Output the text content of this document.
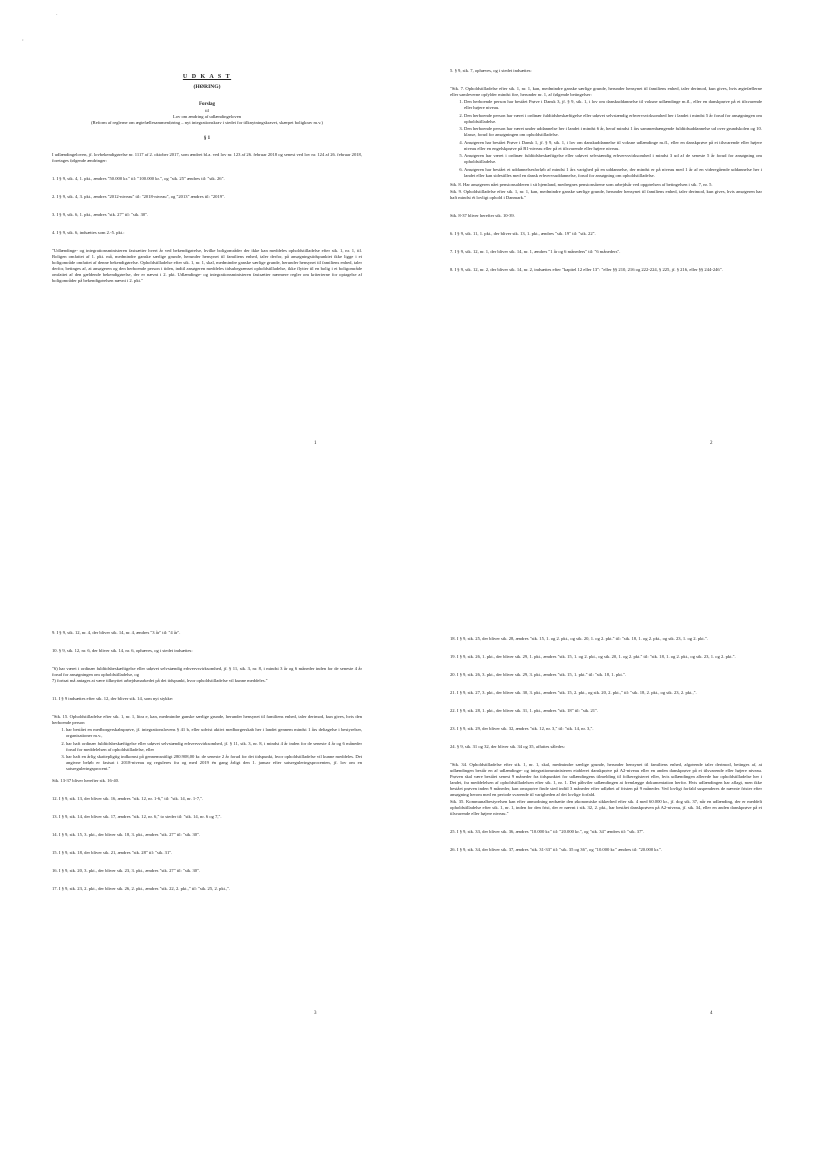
·
’
U D K A S T
(HØRING)
Forslag
til
Lov om ændring af udlændingeloven
(Reform af reglerne om ægtefællesammenføring – nyt integrationskrav i stedet for tilknytningskravet, skærpet boligkrav m.v.)
§ 1

I udlændingeloven, jf. lovbekendtgørelse nr. 1117 af 2. oktober 2017, som ændret bl.a. ved lov nr. 123 af 26. februar 2018 og senest ved lov nr. 124 af 26. februar 2018, foretages følgende ændringer:

1. I § 9, stk. 4, 1. pkt., ændres "50.000 kr." til: "100.000 kr.", og "stk. 25" ændres til: "stk. 26".

2. I § 9, stk. 4, 3. pkt., ændres "2012-niveau" til: "2018-niveau", og "2013" ændres til: "2019".

3. I § 9, stk. 6, 1. pkt., ændres "stk. 27" til: "stk. 30".

4. I § 9, stk. 6, indsættes som 2.-5. pkt.:

"Udlændinge- og integrationsministeren fastsætter hvert år ved bekendtgørelse, hvilke boligområder der ikke kan meddeles opholdstilladelse efter stk. 1, nr. 1, til. Boligen omfattet af 1. pkt. må, medmindre ganske særlige grunde, herunder hensynet til familiens enhed, taler derfor, på ansøgningstidspunktet ikke ligge i et boligområde omfattet af denne bekendtgørelse. Opholdstilladelse efter stk. 1, nr. 1, skal, medmindre ganske særlige grunde, herunder hensynet til familiens enhed, taler derfor, betinges af, at ansøgeren og den herboende person i tiden, indtil ansøgeren meddeles tidsubegrænset opholdstilladelse, ikke flytter til en bolig i et boligområde omfattet af den gældende bekendtgørelse, der er nævnt i 2. pkt. Udlændinge- og integrationsministeren fastsætter nærmere regler om kriterierne for optagelse af boligområder på bekendtgørelsen nævnt i 2. pkt."

1

5. § 9, stk. 7, ophæves, og i stedet indsættes:

"Stk. 7. Opholdstilladelse efter stk. 1, nr. 1, kan, medmindre ganske særlige grunde, herunder hensynet til familiens enhed, taler derimod, kun gives, hvis ægtefællerne eller samleverne opfylder mindst fire, herunder nr. 1, af følgende betingelser:

1. Den herboende person har bestået Prøve i Dansk 3, jf. § 9, stk. 1, i lov om danskuddannelse til voksne udlændinge m.fl., eller en danskprøve på et tilsvarende eller højere niveau.
2. Den herboende person har været i ordinær fuldtidsbeskæftigelse eller udøvet selvstændig erhvervsvirksomhed her i landet i mindst 5 år forud for ansøgningen om opholdstilladelse.
3. Den herboende person har været under uddannelse her i landet i mindst 6 år, heraf mindst 1 års sammenhængende fuldtidsuddannelse ud over grundskolen og 10. klasse, forud for ansøgningen om opholdstilladelse.
4. Ansøgeren har bestået Prøve i Dansk 1, jf. § 9, stk. 1, i lov om danskuddannelse til voksne udlændinge m.fl., eller en danskprøve på et tilsvarende eller højere niveau eller en engelskprøve på B1-niveau eller på et tilsvarende eller højere niveau.
5. Ansøgeren har været i ordinær fuldtidsbeskæftigelse eller udøvet selvstændig erhvervsvirksomhed i mindst 3 ud af de seneste 5 år forud for ansøgning om opholdstilladelse.
6. Ansøgeren har bestået et uddannelsesforløb af mindst 1 års varighed på en uddannelse, der mindst er på niveau med 1 år af en videregående uddannelse her i landet eller kan sidestilles med en dansk erhvervsuddannelse, forud for ansøgning om opholdstilladelse.

Stk. 8. Har ansøgeren nået pensionsalderen i sit hjemland, medregnes pensionsårene som arbejdsår ved opgørelsen af betingelsen i stk. 7, nr. 5.

Stk. 9. Opholdstilladelse efter stk. 1, nr. 1, kan, medmindre ganske særlige grunde, herunder hensynet til familiens enhed, taler derimod, kun gives, hvis ansøgeren har haft mindst ét lovligt ophold i Danmark."

Stk. 8-37 bliver herefter stk. 10-39.

6. I § 9, stk. 11, 1. pkt., der bliver stk. 13, 1. pkt., ændres "stk. 19" til: "stk. 22".

7. I § 9, stk. 12, nr. 1, der bliver stk. 14, nr. 1, ændres "1 år og 6 måneders" til: "6 måneders".

8. I § 9, stk. 12, nr. 2, der bliver stk. 14, nr. 2, indsættes efter "kapitel 12 eller 13": "eller §§ 210, 216 og 222-224, § 225, jf. § 216, eller §§ 244-246".

2

9. I § 9, stk. 12, nr. 4, der bliver stk. 14, nr. 4, ændres "3 år" til: "4 år".

10. § 9, stk. 12, nr. 6, der bliver stk. 14, nr. 6, ophæves, og i stedet indsættes:

"6) har været i ordinær fuldtidsbeskæftigelse eller udøvet selvstændig erhvervsvirksomhed, jf. § 11, stk. 3, nr. 8, i mindst 3 år og 6 måneder inden for de seneste 4 år forud for ansøgningen om opholdstilladelse, og
7) fortsat må antages at være tilknyttet arbejdsmarkedet på det tidspunkt, hvor opholdstilladelse vil kunne meddeles."

11. I § 9 indsættes efter stk. 12, der bliver stk. 14, som nyt stykke:

"Stk. 15. Opholdstilladelse efter stk. 1, nr. 1, litra e, kan, medmindre ganske særlige grunde, herunder hensynet til familiens enhed, taler derimod, kun gives, hvis den herboende person

1. har bestået en medborgerskabsprøve, jf. integrationslovens § 41 b, eller udvist aktivt medborgerskab her i landet gennem mindst 1 års deltagelse i bestyrelser, organisationer m.v.,
2. har haft ordinær fuldtidsbeskæftigelse eller udøvet selvstændig erhvervsvirksomhed, jf. § 11, stk. 3, nr. 8, i mindst 4 år inden for de seneste 4 år og 6 måneder forud for meddelelsen af opholdstilladelse, eller
3. har haft en årlig skattepligtig indkomst på gennemsnitligt 280.908,00 kr. de seneste 2 år forud for det tidspunkt, hvor opholdstilladelse vil kunne meddeles. Det angivne beløb er fastsat i 2018-niveau og reguleres fra og med 2019 én gang årligt den 1. januar efter satsreguleringsprocenten, jf. lov om en satsreguleringsprocent."

Stk. 13-37 bliver herefter stk. 16-40.

12. I § 9, stk. 13, der bliver stk. 16, ændres "stk. 12, nr. 1-6," til: "stk. 14, nr. 1-7,".

13. I § 9, stk. 14, der bliver stk. 17, ændres "stk. 12, nr. 6," to steder til: "stk. 14, nr. 6 og 7,".

14. I § 9, stk. 15, 3. pkt., der bliver stk. 18, 3. pkt., ændres "stk. 27" til: "stk. 30".

15. I § 9, stk. 18, der bliver stk. 21, ændres "stk. 28" til: "stk. 31".

16. I § 9, stk. 20, 3. pkt., der bliver stk. 23, 3. pkt., ændres "stk. 27" til: "stk. 30".

17. I § 9, stk. 23, 2. pkt., der bliver stk. 26, 2. pkt., ændres "stk. 22, 2. pkt.," til: "stk. 25, 2. pkt.,".

3

18. I § 9, stk. 25, der bliver stk. 28, ændres "stk. 15, 1. og 2. pkt., og stk. 20, 1. og 2. pkt." til: "stk. 18, 1. og 2. pkt., og stk. 23, 1. og 2. pkt.".

19. I § 9, stk. 26, 1. pkt., der bliver stk. 29, 1. pkt., ændres "stk. 15, 1. og 2. pkt., og stk. 20, 1. og 2. pkt." til: "stk. 18, 1. og 2. pkt., og stk. 23, 1. og 2. pkt.".

20. I § 9, stk. 26, 3. pkt., der bliver stk. 29, 3. pkt., ændres "stk. 15, 1. pkt." til: "stk. 18, 1. pkt.".

21. I § 9, stk. 27, 3. pkt., der bliver stk. 30, 3. pkt., ændres "stk. 15, 2. pkt., og stk. 20, 2. pkt.," til: "stk. 18, 2. pkt., og stk. 23, 2. pkt.,".

22. I § 9, stk. 28, 1. pkt., der bliver stk. 31, 1. pkt., ændres "stk. 18" til: "stk. 21".

23. I § 9, stk. 29, der bliver stk. 32, ændres "stk. 12, nr. 3," til: "stk. 14, nr. 3,".

24. § 9, stk. 31 og 32, der bliver stk. 34 og 35, affattes således:

"Stk. 34. Opholdstilladelse efter stk. 1, nr. 1, skal, medmindre særlige grunde, herunder hensynet til familiens enhed, afgørende taler derimod, betinges af, at udlændingen består en af udlændinge- og integrationsministeren etableret danskprøve på A2-niveau eller en anden danskprøve på et tilsvarende eller højere niveau. Prøven skal være bestået senest 9 måneder fra tidspunktet for udlændingens tilmelding til folkeregisteret eller, hvis udlændingen allerede har opholdstilladelse her i landet, fra meddelelsen af opholdstilladelsen efter stk. 1, nr. 1. Det påhviler udlændingen at fremlægge dokumentation herfor. Hvis udlændingen har aflagt, men ikke bestået prøven inden 9 måneder, kan omsprøve finde sted indtil 3 måneder efter udløbet af fristen på 9 måneder. Ved lovligt forfald suspenderes de nævnte frister efter ansøgning herom med en periode svarende til varigheden af det lovlige forfald.

Stk. 35. Kommunalbestyrelsen kan efter anmodning nedsætte den økonomiske sikkerhed efter stk. 4 med 60.000 kr., jf. dog stk. 37, når en udlænding, der er meddelt opholdstilladelse efter stk. 1, nr. 1, inden for den frist, der er nævnt i stk. 32, 2. pkt., har bestået danskprøven på A2-niveau, jf. stk. 34, eller en anden danskprøve på et tilsvarende eller højere niveau."

25. I § 9, stk. 33, der bliver stk. 36, ændres "10.000 kr." til: "20.000 kr.", og "stk. 34" ændres til: "stk. 37".

26. I § 9, stk. 34, der bliver stk. 37, ændres "stk. 31-33" til: "stk. 35 og 36", og "10.000 kr." ændres til: "20.000 kr.".

4
